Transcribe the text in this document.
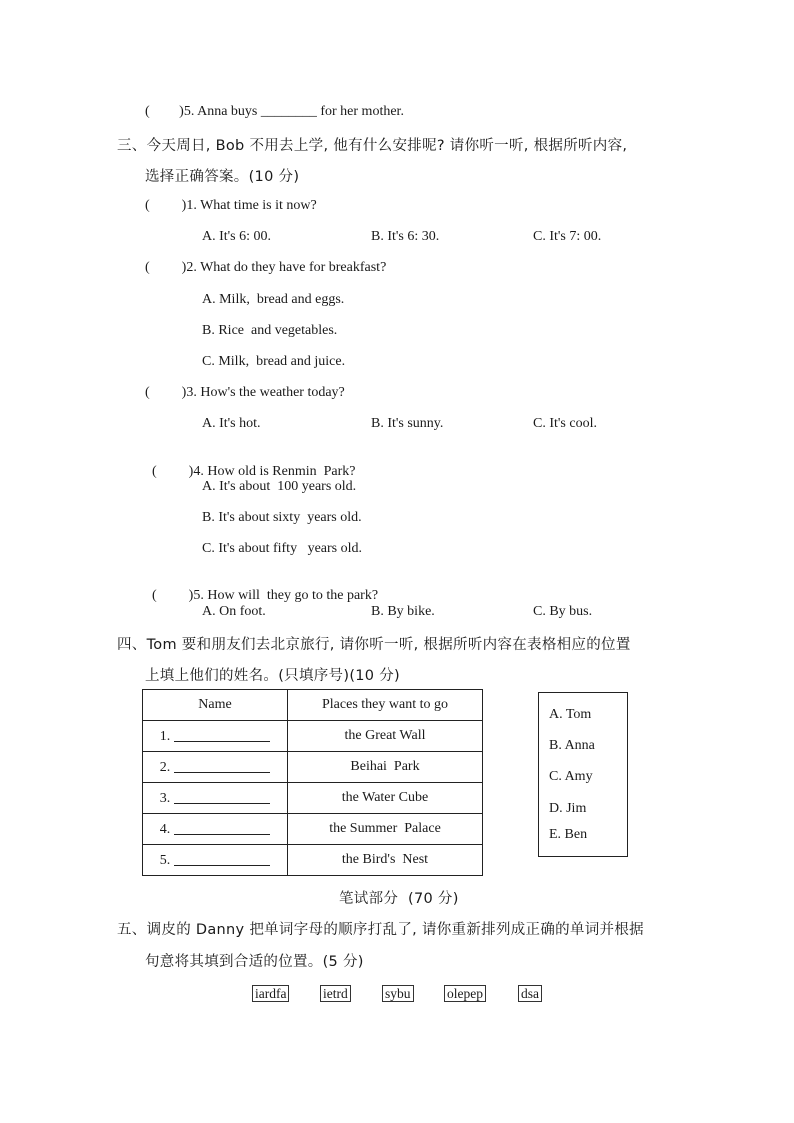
( )5. Anna buys ________ for her mother.
三、今天周日, Bob 不用去上学, 他有什么安排呢? 请你听一听, 根据所听内容,
选择正确答案。(10 分)
( )1. What time is it now?
A. It's 6: 00.	B. It's 6: 30.	C. It's 7: 00.
( )2. What do they have for breakfast?
A. Milk,  bread and eggs.
B. Rice  and vegetables.
C. Milk,  bread and juice.
( )3. How's the weather today?
A. It's hot.	B. It's sunny.	C. It's cool.

( )4. How old is Renmin  Park?

A. It's about  100 years old.
B. It's about sixty  years old.
C. It's about fifty   years old.

( )5. How will  they go to the park?

A. On foot.	B. By bike.	C. By bus.
四、Tom 要和朋友们去北京旅行, 请你听一听, 根据所听内容在表格相应的位置
上填上他们的姓名。(只填序号)(10 分)
Name	Places they want to go
1.	the Great Wall
2.	Beihai  Park
3.	the Water Cube
4.	the Summer  Palace
5.	the Bird's  Nest
A. Tom
B. Anna
C. Amy
D. Jim
E. Ben
笔试部分  (70 分)
五、调皮的 Danny 把单词字母的顺序打乱了, 请你重新排列成正确的单词并根据
句意将其填到合适的位置。(5 分)
iardfa	ietrd	sybu	olepep	dsa
